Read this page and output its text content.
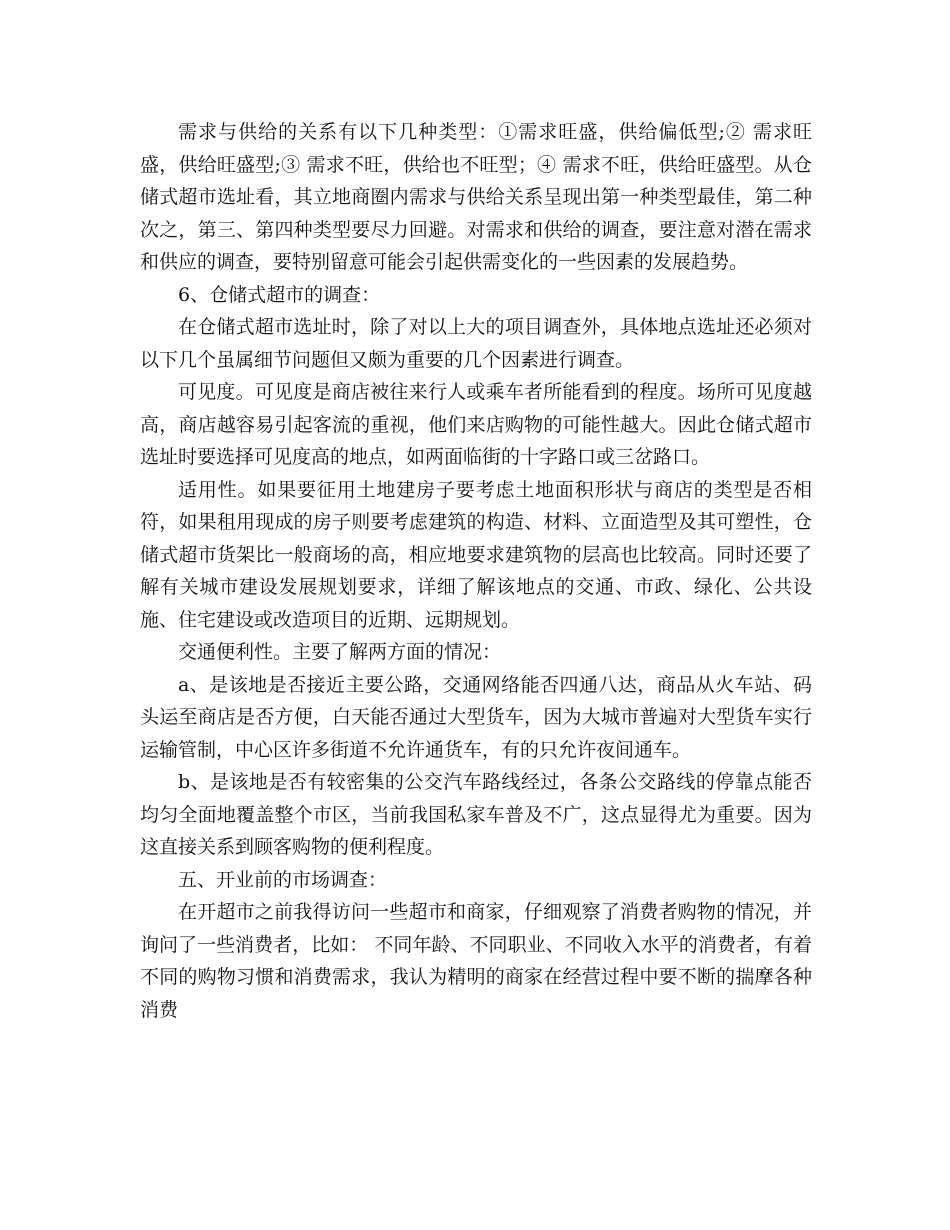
需求与供给的关系有以下几种类型：①需求旺盛，供给偏低型;② 需求旺盛，供给旺盛型;③ 需求不旺，供给也不旺型；④ 需求不旺，供给旺盛型。从仓储式超市选址看，其立地商圈内需求与供给关系呈现出第一种类型最佳，第二种次之，第三、第四种类型要尽力回避。对需求和供给的调查，要注意对潜在需求和供应的调查，要特别留意可能会引起供需变化的一些因素的发展趋势。

6、仓储式超市的调查：

在仓储式超市选址时，除了对以上大的项目调查外，具体地点选址还必须对以下几个虽属细节问题但又颇为重要的几个因素进行调查。

可见度。可见度是商店被往来行人或乘车者所能看到的程度。场所可见度越高，商店越容易引起客流的重视，他们来店购物的可能性越大。因此仓储式超市选址时要选择可见度高的地点，如两面临街的十字路口或三岔路口。

适用性。如果要征用土地建房子要考虑土地面积形状与商店的类型是否相符，如果租用现成的房子则要考虑建筑的构造、材料、立面造型及其可塑性，仓储式超市货架比一般商场的高，相应地要求建筑物的层高也比较高。同时还要了解有关城市建设发展规划要求，详细了解该地点的交通、市政、绿化、公共设施、住宅建设或改造项目的近期、远期规划。

交通便利性。主要了解两方面的情况：

a、是该地是否接近主要公路，交通网络能否四通八达，商品从火车站、码头运至商店是否方便，白天能否通过大型货车，因为大城市普遍对大型货车实行运输管制，中心区许多街道不允许通货车，有的只允许夜间通车。

b、是该地是否有较密集的公交汽车路线经过，各条公交路线的停靠点能否均匀全面地覆盖整个市区，当前我国私家车普及不广，这点显得尤为重要。因为这直接关系到顾客购物的便利程度。

五、开业前的市场调查：

在开超市之前我得访问一些超市和商家，仔细观察了消费者购物的情况，并询问了一些消费者，比如： 不同年龄、不同职业、不同收入水平的消费者，有着不同的购物习惯和消费需求，我认为精明的商家在经营过程中要不断的揣摩各种消费
